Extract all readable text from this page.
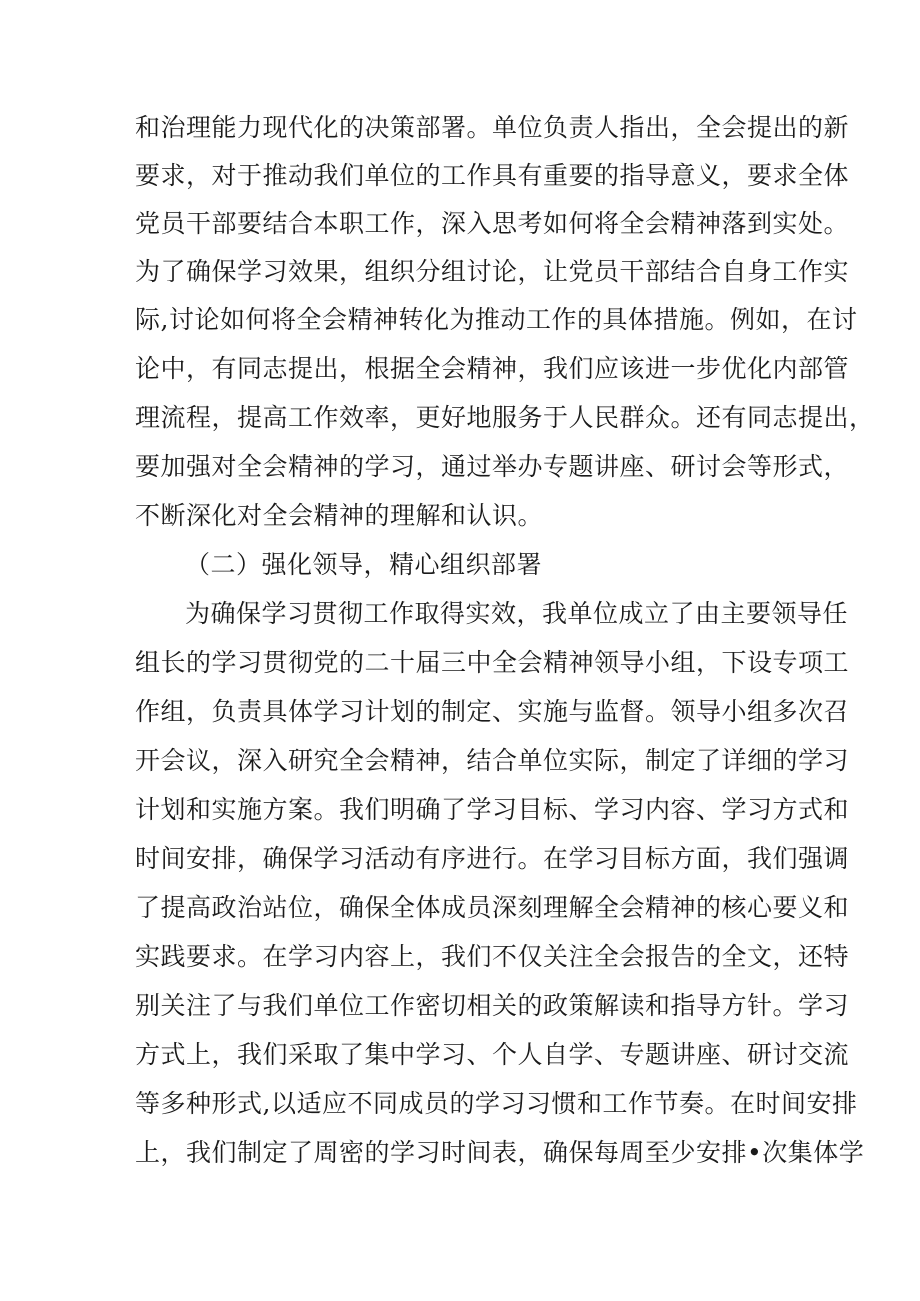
和治理能力现代化的决策部署。单位负责人指出，全会提出的新
要求，对于推动我们单位的工作具有重要的指导意义，要求全体
党员干部要结合本职工作，深入思考如何将全会精神落到实处。
为了确保学习效果，组织分组讨论，让党员干部结合自身工作实
际,讨论如何将全会精神转化为推动工作的具体措施。例如，在讨
论中，有同志提出，根据全会精神，我们应该进一步优化内部管
理流程，提高工作效率，更好地服务于人民群众。还有同志提出，
要加强对全会精神的学习，通过举办专题讲座、研讨会等形式，
不断深化对全会精神的理解和认识。
（二）强化领导，精心组织部署
为确保学习贯彻工作取得实效，我单位成立了由主要领导任
组长的学习贯彻党的二十届三中全会精神领导小组，下设专项工
作组，负责具体学习计划的制定、实施与监督。领导小组多次召
开会议，深入研究全会精神，结合单位实际，制定了详细的学习
计划和实施方案。我们明确了学习目标、学习内容、学习方式和
时间安排，确保学习活动有序进行。在学习目标方面，我们强调
了提高政治站位，确保全体成员深刻理解全会精神的核心要义和
实践要求。在学习内容上，我们不仅关注全会报告的全文，还特
别关注了与我们单位工作密切相关的政策解读和指导方针。学习
方式上，我们采取了集中学习、个人自学、专题讲座、研讨交流
等多种形式,以适应不同成员的学习习惯和工作节奏。在时间安排
上，我们制定了周密的学习时间表，确保每周至少安排•次集体学
